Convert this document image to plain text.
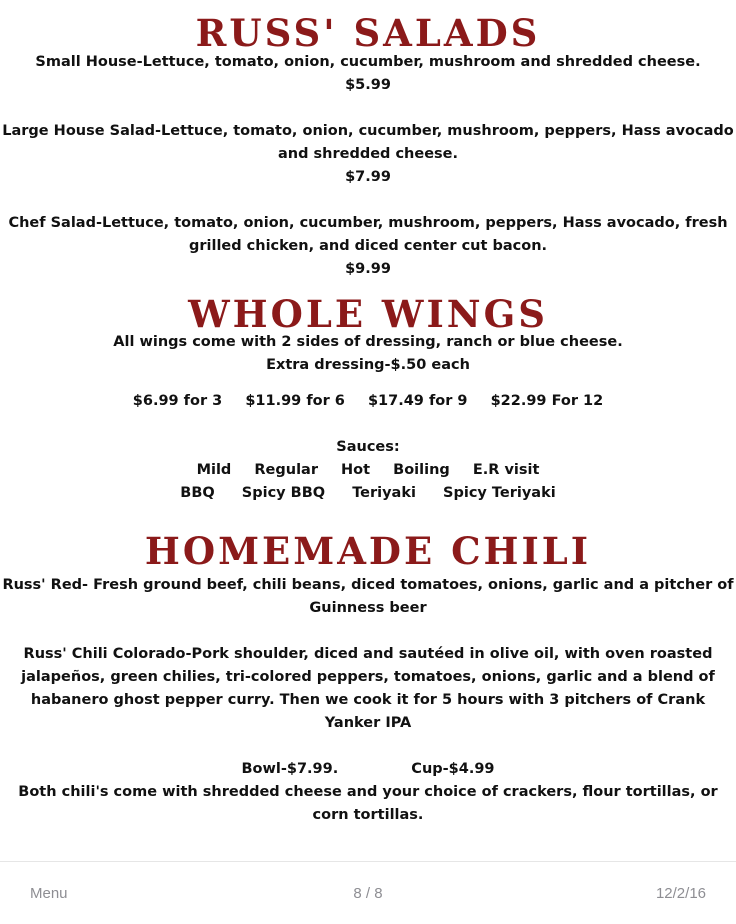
RUSS' SALADS

Small House-Lettuce, tomato, onion, cucumber, mushroom and shredded cheese.

$5.99

Large House Salad-Lettuce, tomato, onion, cucumber, mushroom, peppers, Hass avocado

and shredded cheese.

$7.99

Chef Salad-Lettuce, tomato, onion, cucumber, mushroom, peppers, Hass avocado, fresh

grilled chicken, and diced center cut bacon.

$9.99

WHOLE WINGS

All wings come with 2 sides of dressing, ranch or blue cheese.

Extra dressing-$.50 each

$6.99 for 3 $11.99 for 6 $17.49 for 9 $22.99 For 12

Sauces:

Mild Regular Hot Boiling E.R visit
BBQ Spicy BBQ Teriyaki Spicy Teriyaki
HOMEMADE CHILI

Russ' Red- Fresh ground beef, chili beans, diced tomatoes, onions, garlic and a pitcher of

Guinness beer

Russ' Chili Colorado-Pork shoulder, diced and sautéed in olive oil, with oven roasted

jalapeños, green chilies, tri-colored peppers, tomatoes, onions, garlic and a blend of

habanero ghost pepper curry. Then we cook it for 5 hours with 3 pitchers of Crank

Yanker IPA

Bowl-$7.99.	Cup-$4.99

Both chili's come with shredded cheese and your choice of crackers, flour tortillas, or

corn tortillas.

Menu	8 / 8	12/2/16
